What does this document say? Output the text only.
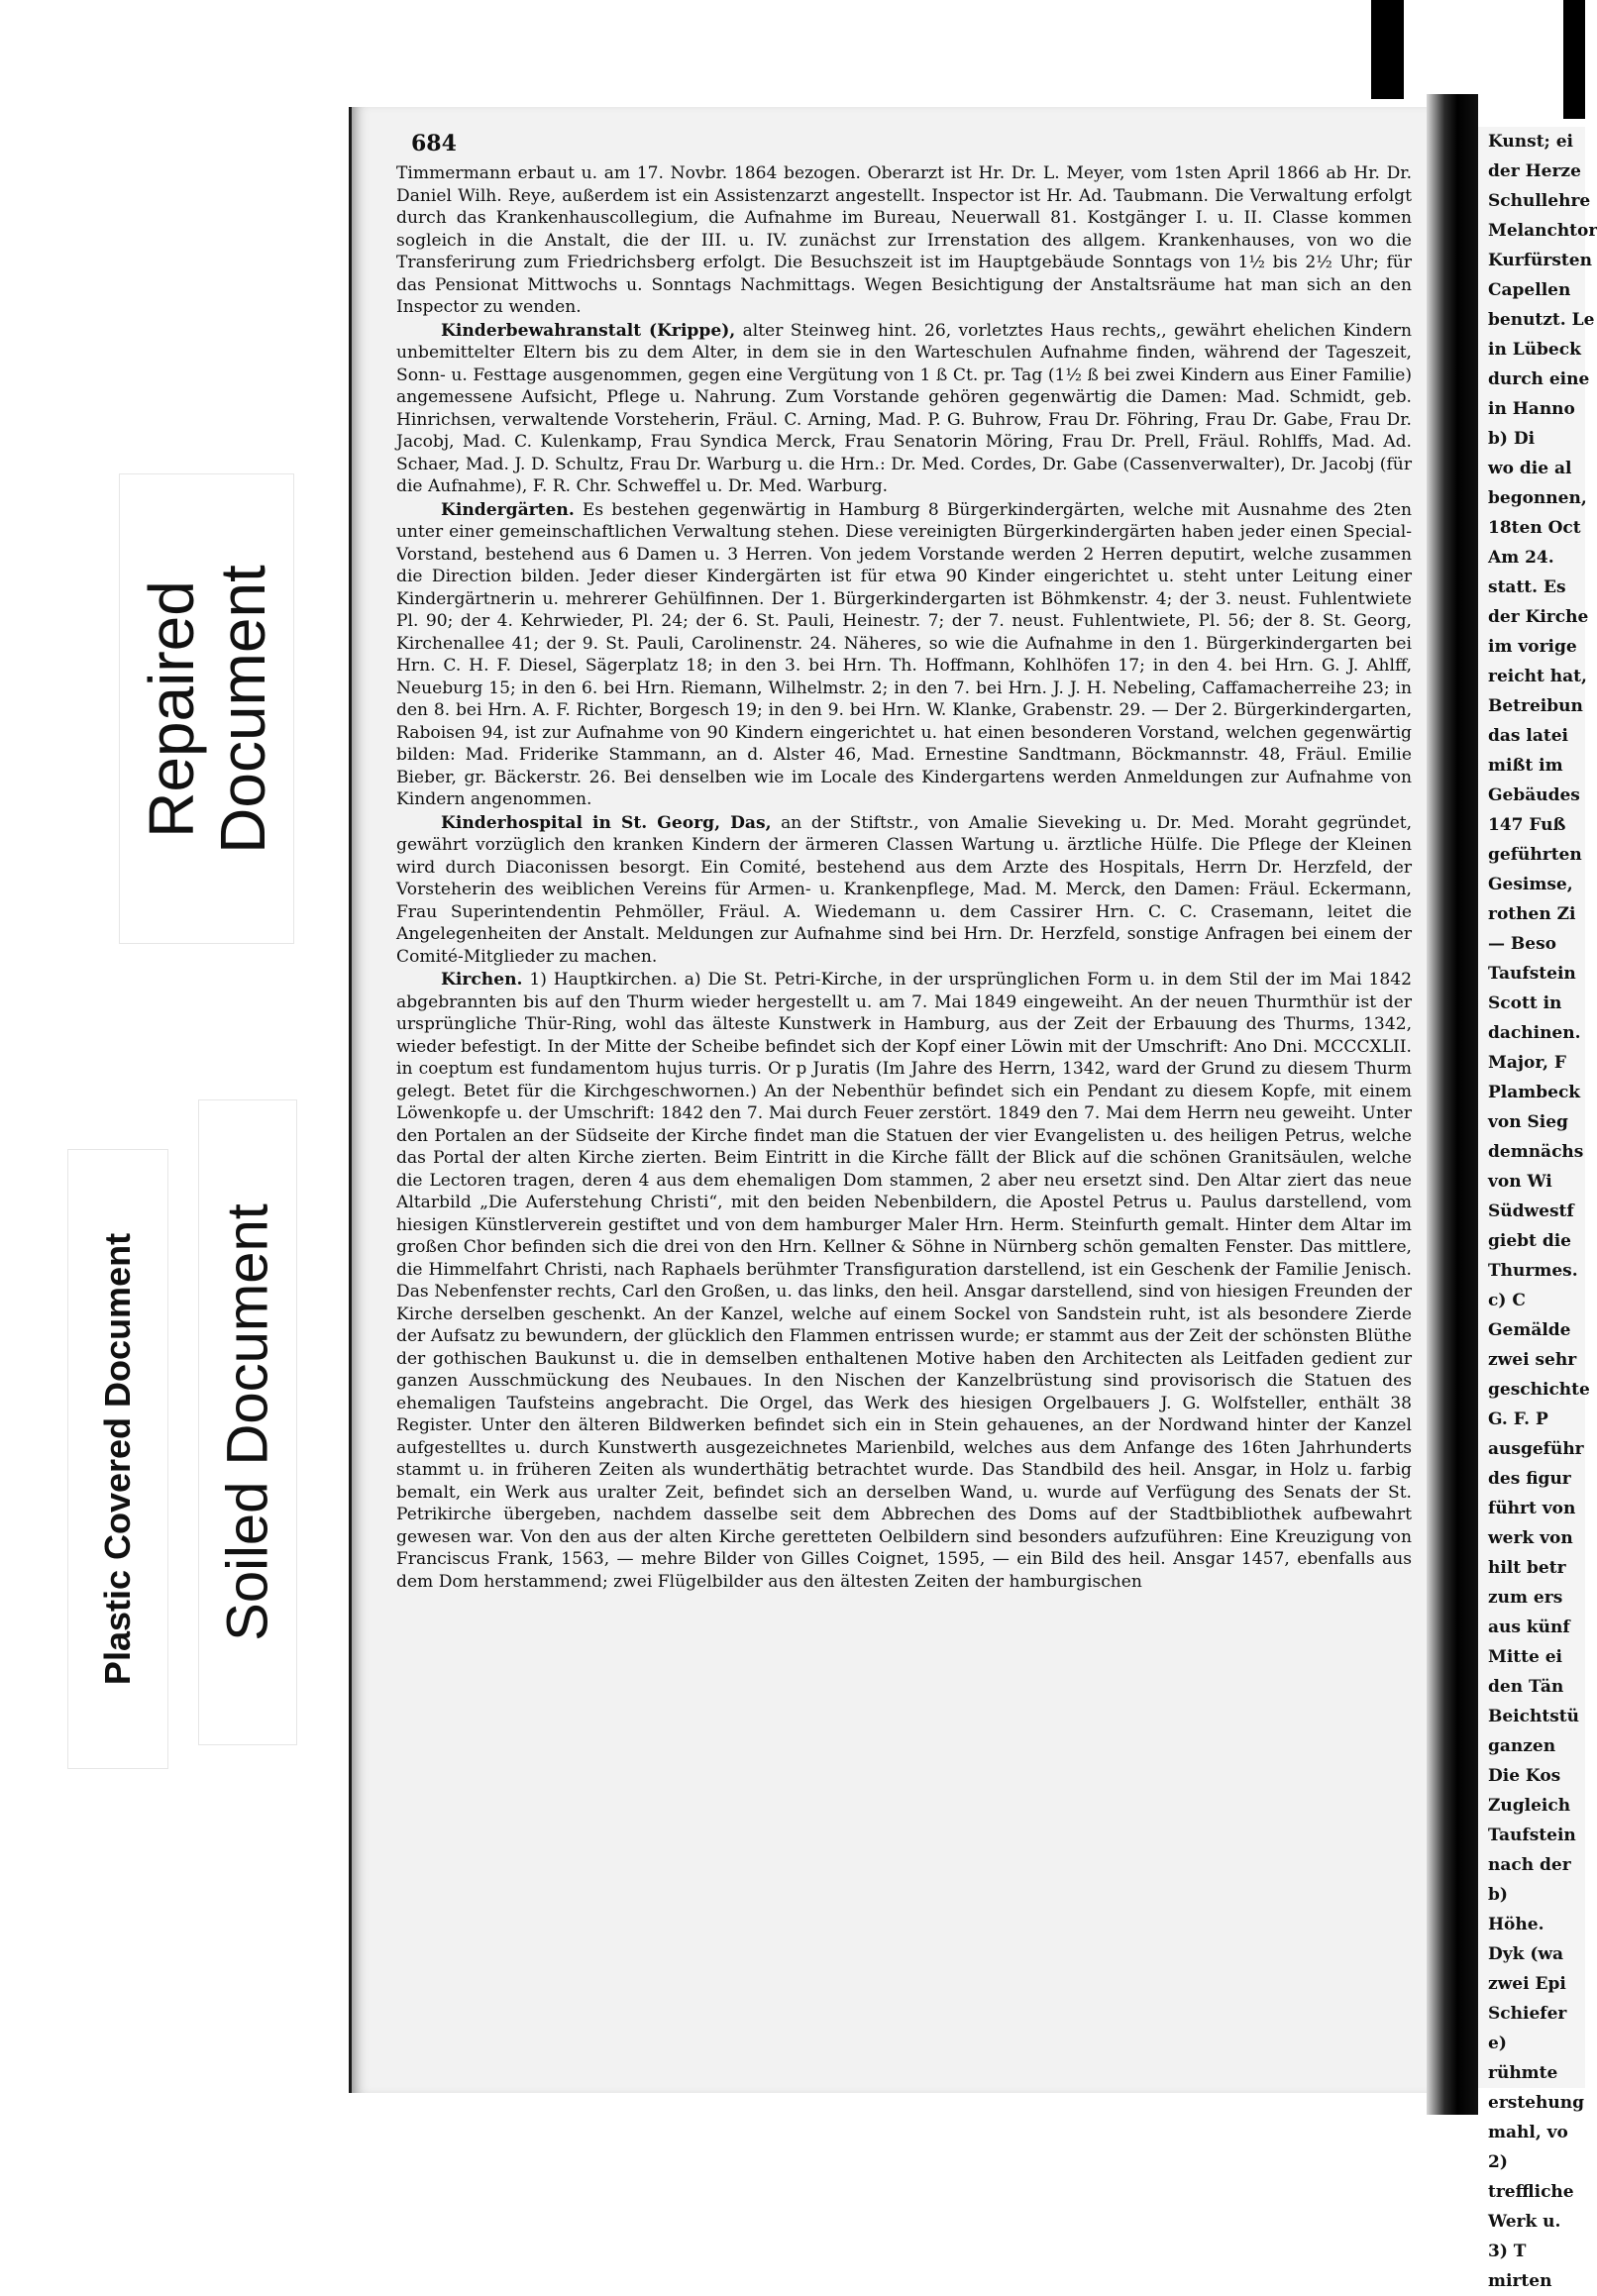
Repaired
Document
Soiled Document
Plastic Covered Document
684

Timmermann erbaut u. am 17. Novbr. 1864 bezogen. Oberarzt ist Hr. Dr. L. Meyer, vom 1sten April 1866 ab Hr. Dr. Daniel Wilh. Reye, außerdem ist ein Assistenzarzt angestellt. Inspector ist Hr. Ad. Taubmann. Die Verwaltung erfolgt durch das Krankenhauscollegium, die Aufnahme im Bureau, Neuerwall 81. Kostgänger I. u. II. Classe kommen sogleich in die Anstalt, die der III. u. IV. zunächst zur Irrenstation des allgem. Krankenhauses, von wo die Transferirung zum Friedrichsberg erfolgt. Die Besuchszeit ist im Hauptgebäude Sonntags von 1½ bis 2½ Uhr; für das Pensionat Mittwochs u. Sonntags Nachmittags. Wegen Besichtigung der Anstaltsräume hat man sich an den Inspector zu wenden.

Kinderbewahranstalt (Krippe), alter Steinweg hint. 26, vorletztes Haus rechts,, gewährt ehelichen Kindern unbemittelter Eltern bis zu dem Alter, in dem sie in den Warteschulen Aufnahme finden, während der Tageszeit, Sonn- u. Festtage ausgenommen, gegen eine Vergütung von 1 ß Ct. pr. Tag (1½ ß bei zwei Kindern aus Einer Familie) angemessene Aufsicht, Pflege u. Nahrung. Zum Vorstande gehören gegenwärtig die Damen: Mad. Schmidt, geb. Hinrichsen, verwaltende Vorsteherin, Fräul. C. Arning, Mad. P. G. Buhrow, Frau Dr. Föhring, Frau Dr. Gabe, Frau Dr. Jacobj, Mad. C. Kulenkamp, Frau Syndica Merck, Frau Senatorin Möring, Frau Dr. Prell, Fräul. Rohlffs, Mad. Ad. Schaer, Mad. J. D. Schultz, Frau Dr. Warburg u. die Hrn.: Dr. Med. Cordes, Dr. Gabe (Cassenverwalter), Dr. Jacobj (für die Aufnahme), F. R. Chr. Schweffel u. Dr. Med. Warburg.

Kindergärten. Es bestehen gegenwärtig in Hamburg 8 Bürgerkindergärten, welche mit Ausnahme des 2ten unter einer gemeinschaftlichen Verwaltung stehen. Diese vereinigten Bürgerkindergärten haben jeder einen Special-Vorstand, bestehend aus 6 Damen u. 3 Herren. Von jedem Vorstande werden 2 Herren deputirt, welche zusammen die Direction bilden. Jeder dieser Kindergärten ist für etwa 90 Kinder eingerichtet u. steht unter Leitung einer Kindergärtnerin u. mehrerer Gehülfinnen. Der 1. Bürgerkindergarten ist Böhmkenstr. 4; der 3. neust. Fuhlentwiete Pl. 90; der 4. Kehrwieder, Pl. 24; der 6. St. Pauli, Heinestr. 7; der 7. neust. Fuhlentwiete, Pl. 56; der 8. St. Georg, Kirchenallee 41; der 9. St. Pauli, Carolinenstr. 24. Näheres, so wie die Aufnahme in den 1. Bürgerkindergarten bei Hrn. C. H. F. Diesel, Sägerplatz 18; in den 3. bei Hrn. Th. Hoffmann, Kohlhöfen 17; in den 4. bei Hrn. G. J. Ahlff, Neueburg 15; in den 6. bei Hrn. Riemann, Wilhelmstr. 2; in den 7. bei Hrn. J. J. H. Nebeling, Caffamacherreihe 23; in den 8. bei Hrn. A. F. Richter, Borgesch 19; in den 9. bei Hrn. W. Klanke, Grabenstr. 29. — Der 2. Bürgerkindergarten, Raboisen 94, ist zur Aufnahme von 90 Kindern eingerichtet u. hat einen besonderen Vorstand, welchen gegenwärtig bilden: Mad. Friderike Stammann, an d. Alster 46, Mad. Ernestine Sandtmann, Böckmannstr. 48, Fräul. Emilie Bieber, gr. Bäckerstr. 26. Bei denselben wie im Locale des Kindergartens werden Anmeldungen zur Aufnahme von Kindern angenommen.

Kinderhospital in St. Georg, Das, an der Stiftstr., von Amalie Sieveking u. Dr. Med. Moraht gegründet, gewährt vorzüglich den kranken Kindern der ärmeren Classen Wartung u. ärztliche Hülfe. Die Pflege der Kleinen wird durch Diaconissen besorgt. Ein Comité, bestehend aus dem Arzte des Hospitals, Herrn Dr. Herzfeld, der Vorsteherin des weiblichen Vereins für Armen- u. Krankenpflege, Mad. M. Merck, den Damen: Fräul. Eckermann, Frau Superintendentin Pehmöller, Fräul. A. Wiedemann u. dem Cassirer Hrn. C. C. Crasemann, leitet die Angelegenheiten der Anstalt. Meldungen zur Aufnahme sind bei Hrn. Dr. Herzfeld, sonstige Anfragen bei einem der Comité-Mitglieder zu machen.

Kirchen. 1) Hauptkirchen. a) Die St. Petri-Kirche, in der ursprünglichen Form u. in dem Stil der im Mai 1842 abgebrannten bis auf den Thurm wieder hergestellt u. am 7. Mai 1849 eingeweiht. An der neuen Thurmthür ist der ursprüngliche Thür-Ring, wohl das älteste Kunstwerk in Hamburg, aus der Zeit der Erbauung des Thurms, 1342, wieder befestigt. In der Mitte der Scheibe befindet sich der Kopf einer Löwin mit der Umschrift: Ano Dni. MCCCXLII. in coeptum est fundamentom hujus turris. Or p Juratis (Im Jahre des Herrn, 1342, ward der Grund zu diesem Thurm gelegt. Betet für die Kirchgeschwornen.) An der Nebenthür befindet sich ein Pendant zu diesem Kopfe, mit einem Löwenkopfe u. der Umschrift: 1842 den 7. Mai durch Feuer zerstört. 1849 den 7. Mai dem Herrn neu geweiht. Unter den Portalen an der Südseite der Kirche findet man die Statuen der vier Evangelisten u. des heiligen Petrus, welche das Portal der alten Kirche zierten. Beim Eintritt in die Kirche fällt der Blick auf die schönen Granitsäulen, welche die Lectoren tragen, deren 4 aus dem ehemaligen Dom stammen, 2 aber neu ersetzt sind. Den Altar ziert das neue Altarbild „Die Auferstehung Christi“, mit den beiden Nebenbildern, die Apostel Petrus u. Paulus darstellend, vom hiesigen Künstlerverein gestiftet und von dem hamburger Maler Hrn. Herm. Steinfurth gemalt. Hinter dem Altar im großen Chor befinden sich die drei von den Hrn. Kellner & Söhne in Nürnberg schön gemalten Fenster. Das mittlere, die Himmelfahrt Christi, nach Raphaels berühmter Transfiguration darstellend, ist ein Geschenk der Familie Jenisch. Das Nebenfenster rechts, Carl den Großen, u. das links, den heil. Ansgar darstellend, sind von hiesigen Freunden der Kirche derselben geschenkt. An der Kanzel, welche auf einem Sockel von Sandstein ruht, ist als besondere Zierde der Aufsatz zu bewundern, der glücklich den Flammen entrissen wurde; er stammt aus der Zeit der schönsten Blüthe der gothischen Baukunst u. die in demselben enthaltenen Motive haben den Architecten als Leitfaden gedient zur ganzen Ausschmückung des Neubaues. In den Nischen der Kanzelbrüstung sind provisorisch die Statuen des ehemaligen Taufsteins angebracht. Die Orgel, das Werk des hiesigen Orgelbauers J. G. Wolfsteller, enthält 38 Register. Unter den älteren Bildwerken befindet sich ein in Stein gehauenes, an der Nordwand hinter der Kanzel aufgestelltes u. durch Kunstwerth ausgezeichnetes Marienbild, welches aus dem Anfange des 16ten Jahrhunderts stammt u. in früheren Zeiten als wunderthätig betrachtet wurde. Das Standbild des heil. Ansgar, in Holz u. farbig bemalt, ein Werk aus uralter Zeit, befindet sich an derselben Wand, u. wurde auf Verfügung des Senats der St. Petrikirche übergeben, nachdem dasselbe seit dem Abbrechen des Doms auf der Stadtbibliothek aufbewahrt gewesen war. Von den aus der alten Kirche geretteten Oelbildern sind besonders aufzuführen: Eine Kreuzigung von Franciscus Frank, 1563, — mehre Bilder von Gilles Coignet, 1595, — ein Bild des heil. Ansgar 1457, ebenfalls aus dem Dom herstammend; zwei Flügelbilder aus den ältesten Zeiten der hamburgischen

Kunst; ei
der Herze
Schullehre
Melanchtor
Kurfürsten
Capellen
benutzt. Le
in Lübeck
durch eine
in Hanno
b) Di
wo die al
begonnen,
18ten Oct
Am 24.
statt. Es
der Kirche
im vorige
reicht hat,
Betreibun
das latei
mißt im
Gebäudes
147 Fuß
geführten
Gesimse,
rothen Zi
— Beso
Taufstein
Scott in
dachinen.
Major, F
Plambeck
von Sieg
demnächs
von Wi
Südwestf
giebt die
Thurmes.
c) C
Gemälde
zwei sehr
geschichte
G. F. P
ausgeführ
des figur
führt von
werk von
hilt betr
zum ers
aus künf
Mitte ei
den Tän
Beichtstü
ganzen
Die Kos
Zugleich
Taufstein
nach der
b)
Höhe.
Dyk (wa
zwei Epi
Schiefer
e)
rühmte
erstehung
mahl, vo
2)
treffliche
Werk u.
3) T
mirten
